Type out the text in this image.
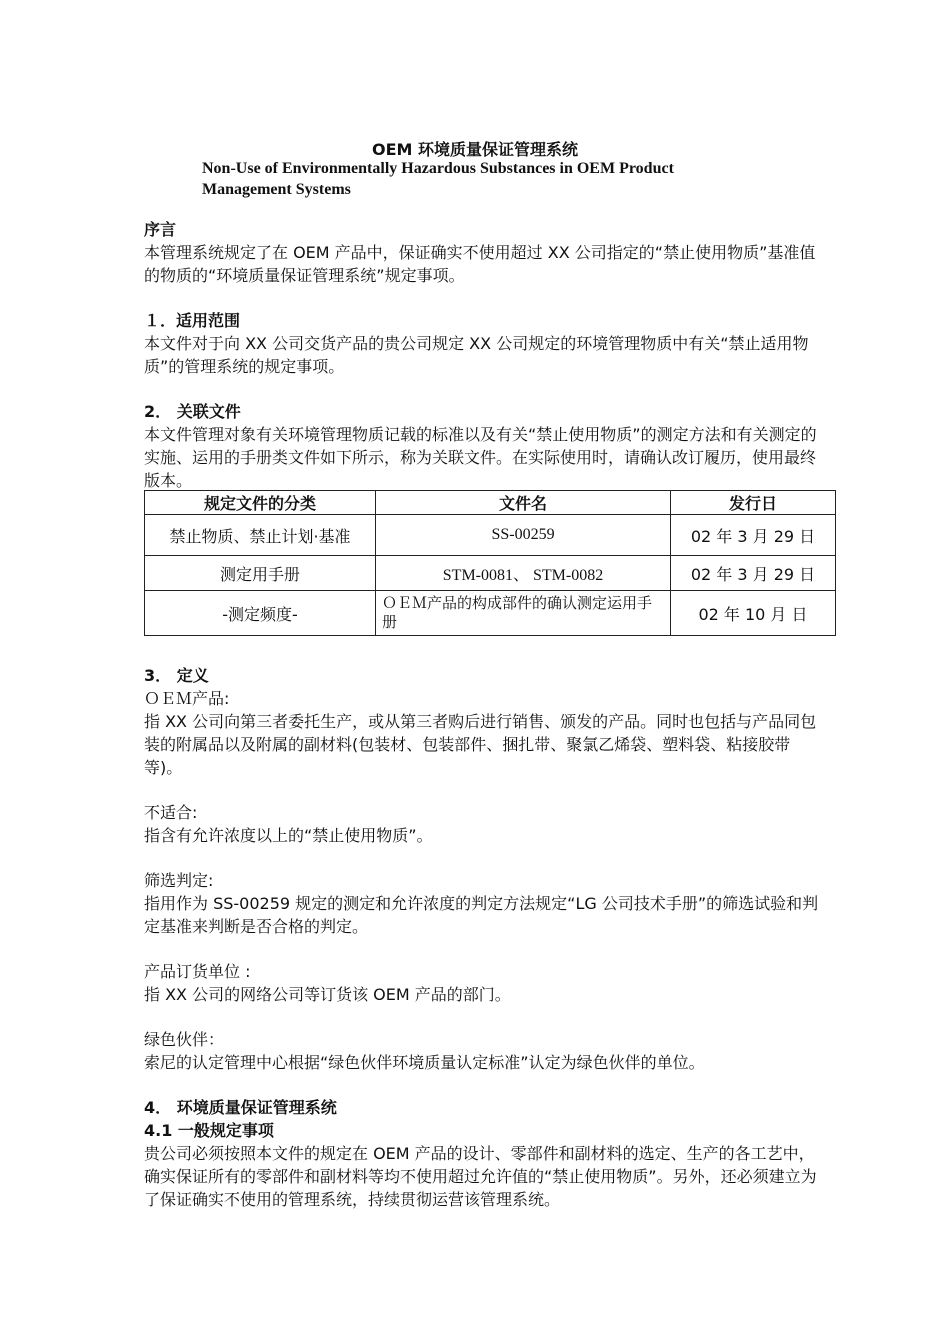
OEM 环境质量保证管理系统
Non-Use of Environmentally Hazardous Substances in OEM Product Management Systems

序言

本管理系统规定了在 OEM 产品中，保证确实不使用超过 XX 公司指定的“禁止使用物质”基准值的物质的“环境质量保证管理系统”规定事项。

１．适用范围

本文件对于向 XX 公司交货产品的贵公司规定 XX 公司规定的环境管理物质中有关“禁止适用物质”的管理系统的规定事项。

2． 关联文件

本文件管理对象有关环境管理物质记载的标准以及有关“禁止使用物质”的测定方法和有关测定的实施、运用的手册类文件如下所示，称为关联文件。在实际使用时，请确认改订履历，使用最终版本。

规定文件的分类	文件名	发行日
禁止物质、禁止计划·基准	SS-00259	02 年 3 月 29 日
测定用手册	STM-0081、 STM-0082	02 年 3 月 29 日
-测定频度-	ＯＥＭ产品的构成部件的确认测定运用手册	02 年 10 月 日

3． 定义

ＯＥＭ产品:

指 XX 公司向第三者委托生产，或从第三者购后进行销售、颁发的产品。同时也包括与产品同包装的附属品以及附属的副材料(包装材、包装部件、捆扎带、聚氯乙烯袋、塑料袋、粘接胶带等)。

不适合:

指含有允许浓度以上的“禁止使用物质”。

筛选判定:

指用作为 SS-00259 规定的测定和允许浓度的判定方法规定“LG 公司技术手册”的筛选试验和判定基准来判断是否合格的判定。

产品订货单位 :

指 XX 公司的网络公司等订货该 OEM 产品的部门。

绿色伙伴：

索尼的认定管理中心根据“绿色伙伴环境质量认定标准”认定为绿色伙伴的单位。

4． 环境质量保证管理系统

4.1 一般规定事项

贵公司必须按照本文件的规定在 OEM 产品的设计、零部件和副材料的选定、生产的各工艺中，确实保证所有的零部件和副材料等均不使用超过允许值的“禁止使用物质”。另外，还必须建立为了保证确实不使用的管理系统，持续贯彻运营该管理系统。
